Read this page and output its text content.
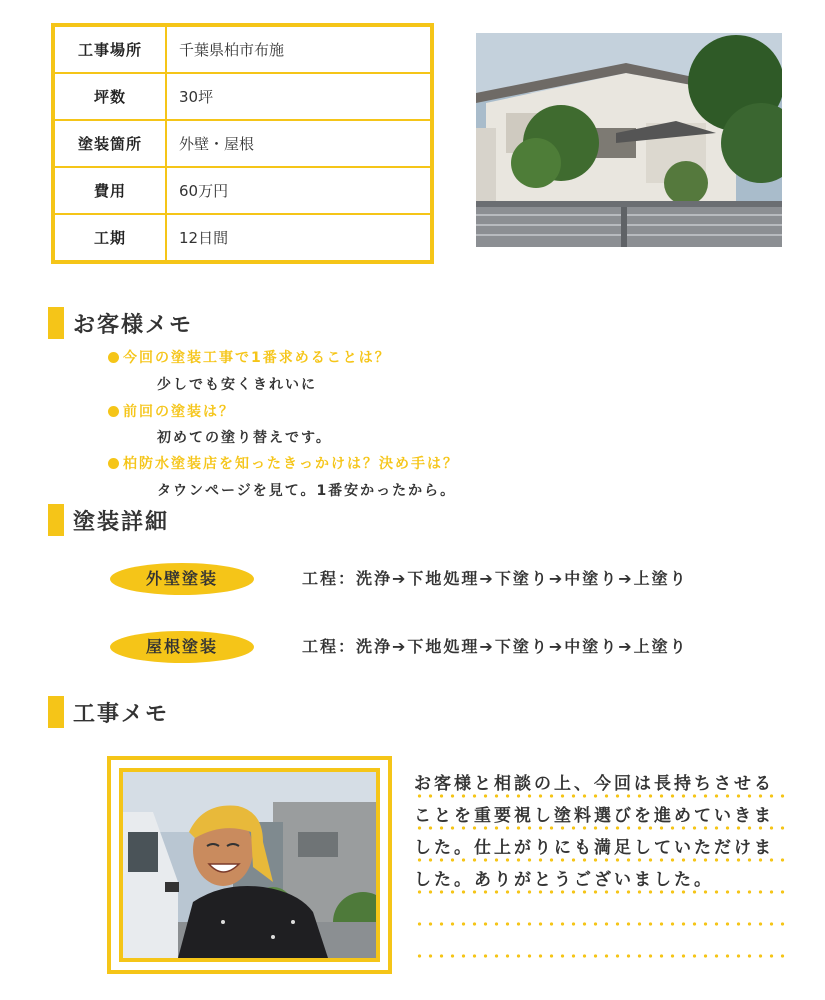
工事場所	千葉県柏市布施
坪数	30坪
塗装箇所	外壁・屋根
費用	60万円
工期	12日間
お客様メモ
今回の塗装工事で1番求めることは？
少しでも安くきれいに
前回の塗装は？
初めての塗り替えです。
柏防水塗装店を知ったきっかけは？決め手は？
タウンページを見て。1番安かったから。
塗装詳細
外壁塗装	工程：洗浄➔下地処理➔下塗り➔中塗り➔上塗り
屋根塗装	工程：洗浄➔下地処理➔下塗り➔中塗り➔上塗り
工事メモ
お客様と相談の上、今回は長持ちさせる
ことを重要視し塗料選びを進めていきま
した。仕上がりにも満足していただけま
した。ありがとうございました。
